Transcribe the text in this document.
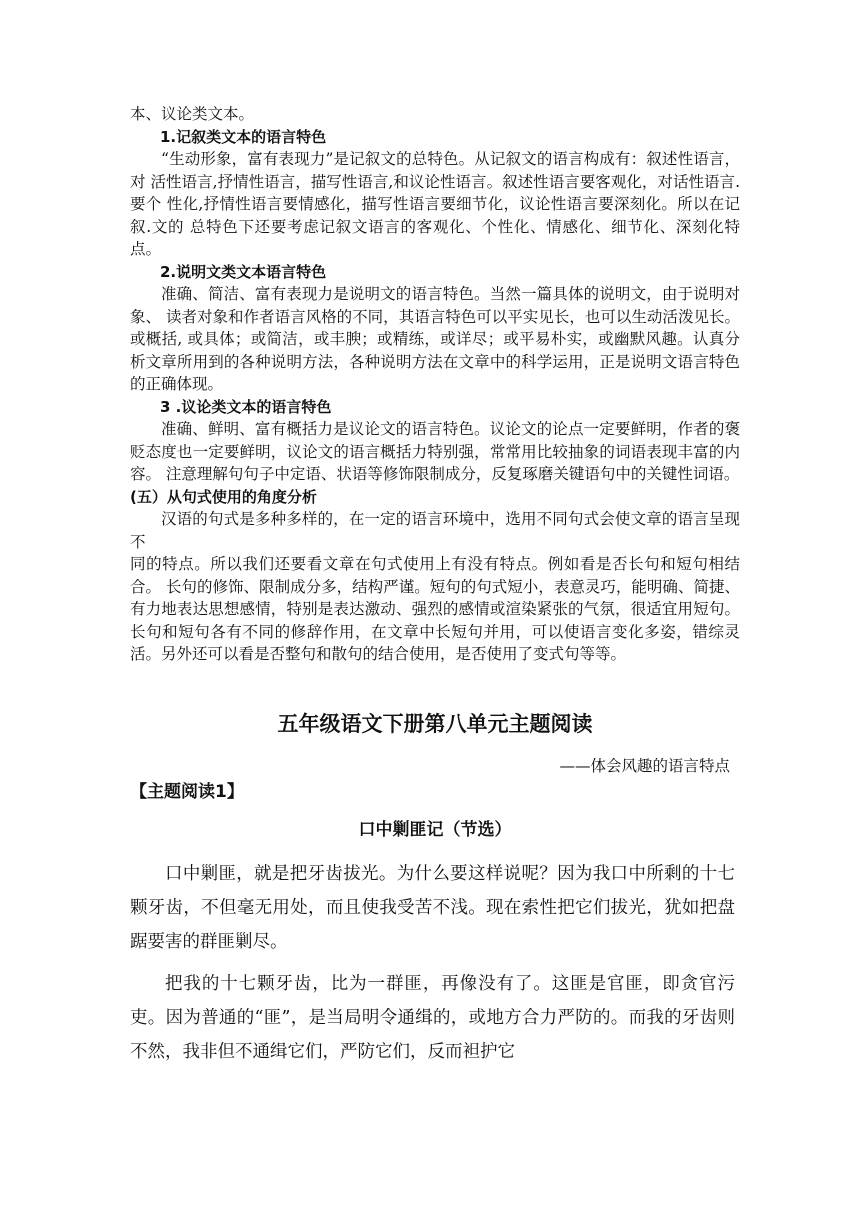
本、议论类文本。

1.记叙类文本的语言特色

“生动形象，富有表现力”是记叙文的总特色。从记叙文的语言构成有：叙述性语言，对 活性语言,抒情性语言，描写性语言,和议论性语言。叙述性语言要客观化，对话性语言.要个 性化,抒情性语言要情感化，描写性语言要细节化，议论性语言要深刻化。所以在记叙.文的 总特色下还要考虑记叙文语言的客观化、个性化、情感化、细节化、深刻化特点。

2.说明文类文本语言特色

准确、简洁、富有表现力是说明文的语言特色。当然一篇具体的说明文，由于说明对象、 读者对象和作者语言风格的不同，其语言特色可以平实见长，也可以生动活泼见长。或概括, 或具体；或简洁，或丰腴；或精练，或详尽；或平易朴实，或幽默风趣。认真分析文章所用到的各种说明方法，各种说明方法在文章中的科学运用，正是说明文语言特色的正确体现。

3 .议论类文本的语言特色

准确、鲜明、富有概括力是议论文的语言特色。议论文的论点一定要鲜明，作者的褒贬态度也一定要鲜明，议论文的语言概括力特别强，常常用比较抽象的词语表现丰富的内容。 注意理解句句子中定语、状语等修饰限制成分，反复琢磨关键语句中的关键性词语。

(五）从句式使用的角度分析

汉语的句式是多种多样的，在一定的语言环境中，选用不同句式会使文章的语言呈现不

同的特点。所以我们还要看文章在句式使用上有没有特点。例如看是否长句和短句相结合。 长句的修饰、限制成分多，结构严谨。短句的句式短小，表意灵巧，能明确、简捷、有力地表达思想感情，特别是表达激动、强烈的感情或渲染紧张的气氛，很适宜用短句。长句和短句各有不同的修辞作用，在文章中长短句并用，可以使语言变化多姿，错综灵活。另外还可以看是否整句和散句的结合使用，是否使用了变式句等等。

五年级语文下册第八单元主题阅读

——体会风趣的语言特点

【主题阅读1】

口中剿匪记（节选）

口中剿匪，就是把牙齿拔光。为什么要这样说呢？因为我口中所剩的十七颗牙齿，不但毫无用处，而且使我受苦不浅。现在索性把它们拔光，犹如把盘踞要害的群匪剿尽。

把我的十七颗牙齿，比为一群匪，再像没有了。这匪是官匪，即贪官污吏。因为普通的“匪”，是当局明令通缉的，或地方合力严防的。而我的牙齿则不然，我非但不通缉它们，严防它们，反而袒护它
